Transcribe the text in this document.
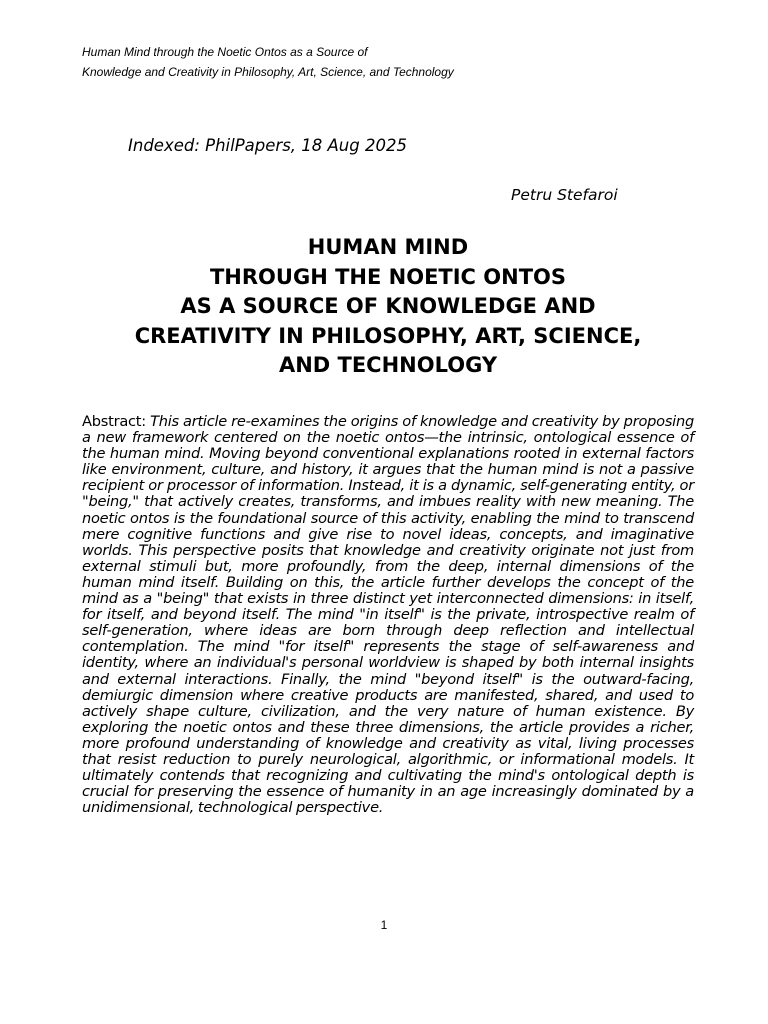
Human Mind through the Noetic Ontos as a Source of
Knowledge and Creativity in Philosophy, Art, Science, and Technology
Indexed: PhilPapers, 18 Aug 2025
Petru Stefaroi
HUMAN MIND
THROUGH THE NOETIC ONTOS
AS A SOURCE OF KNOWLEDGE AND
CREATIVITY IN PHILOSOPHY, ART, SCIENCE,
AND TECHNOLOGY

Abstract: This article re-examines the origins of knowledge and creativity by proposing a new framework centered on the noetic ontos—the intrinsic, ontological essence of the human mind. Moving beyond conventional explanations rooted in external factors like environment, culture, and history, it argues that the human mind is not a passive recipient or processor of information. Instead, it is a dynamic, self-generating entity, or "being," that actively creates, transforms, and imbues reality with new meaning. The noetic ontos is the foundational source of this activity, enabling the mind to transcend mere cognitive functions and give rise to novel ideas, concepts, and imaginative worlds. This perspective posits that knowledge and creativity originate not just from external stimuli but, more profoundly, from the deep, internal dimensions of the human mind itself. Building on this, the article further develops the concept of the mind as a "being" that exists in three distinct yet interconnected dimensions: in itself, for itself, and beyond itself. The mind "in itself" is the private, introspective realm of self-generation, where ideas are born through deep reflection and intellectual contemplation. The mind "for itself" represents the stage of self-awareness and identity, where an individual's personal worldview is shaped by both internal insights and external interactions. Finally, the mind "beyond itself" is the outward-facing, demiurgic dimension where creative products are manifested, shared, and used to actively shape culture, civilization, and the very nature of human existence. By exploring the noetic ontos and these three dimensions, the article provides a richer, more profound understanding of knowledge and creativity as vital, living processes that resist reduction to purely neurological, algorithmic, or informational models. It ultimately contends that recognizing and cultivating the mind's ontological depth is crucial for preserving the essence of humanity in an age increasingly dominated by a unidimensional, technological perspective.

1
